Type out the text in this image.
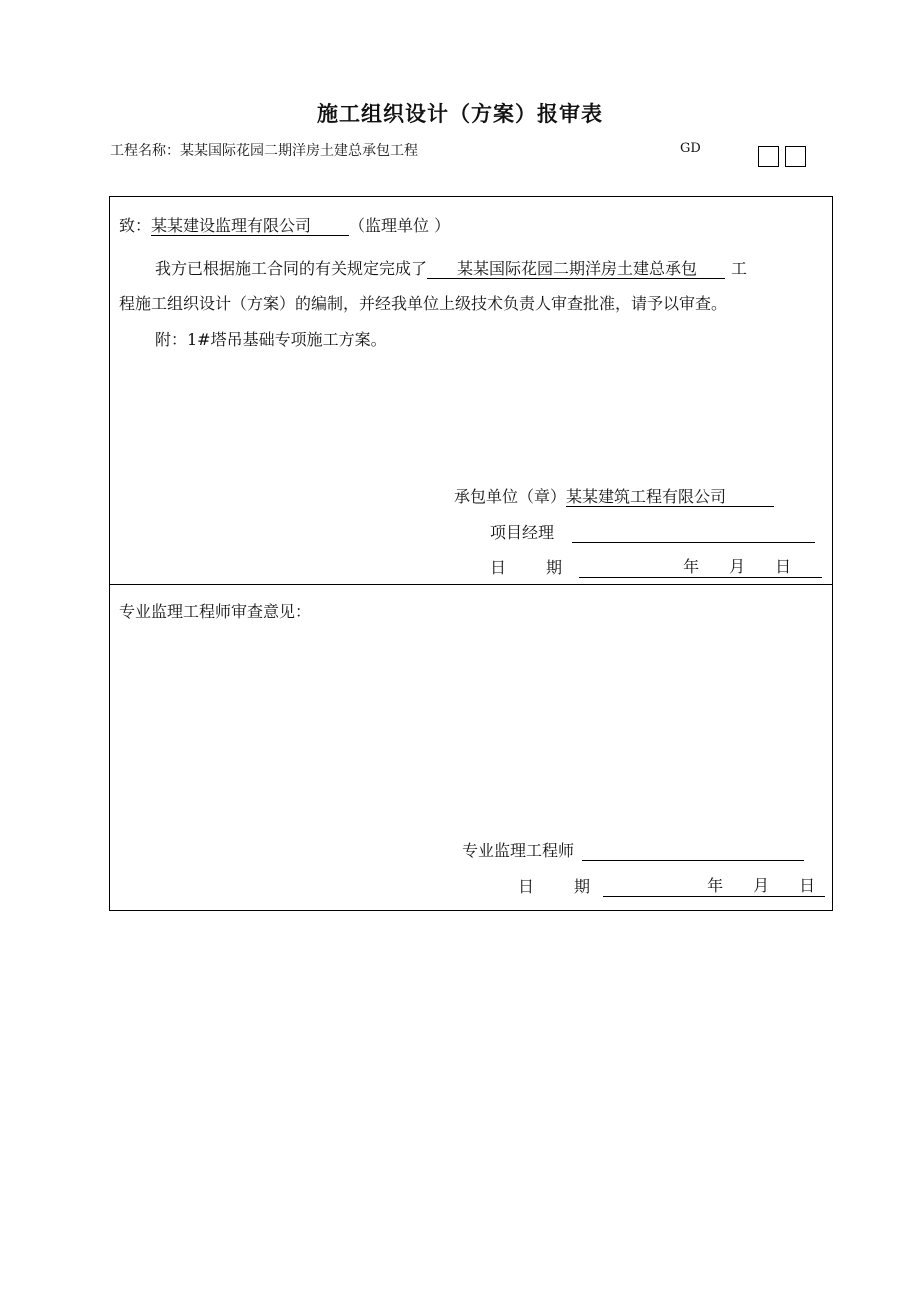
施工组织设计（方案）报审表
工程名称：某某国际花园二期洋房土建总承包工程	GD
致：某某建设监理有限公司 （监理单位 ）
我方已根据施工合同的有关规定完成了 某某国际花园二期洋房土建总承包 工
程施工组织设计（方案）的编制，并经我单位上级技术负责人审查批准，请予以审查。
附：1#塔吊基础专项施工方案。
承包单位（章）某某建筑工程有限公司
项目经理
日	期	年 月 日
专业监理工程师审查意见：
专业监理工程师
日	期	年 月 日
